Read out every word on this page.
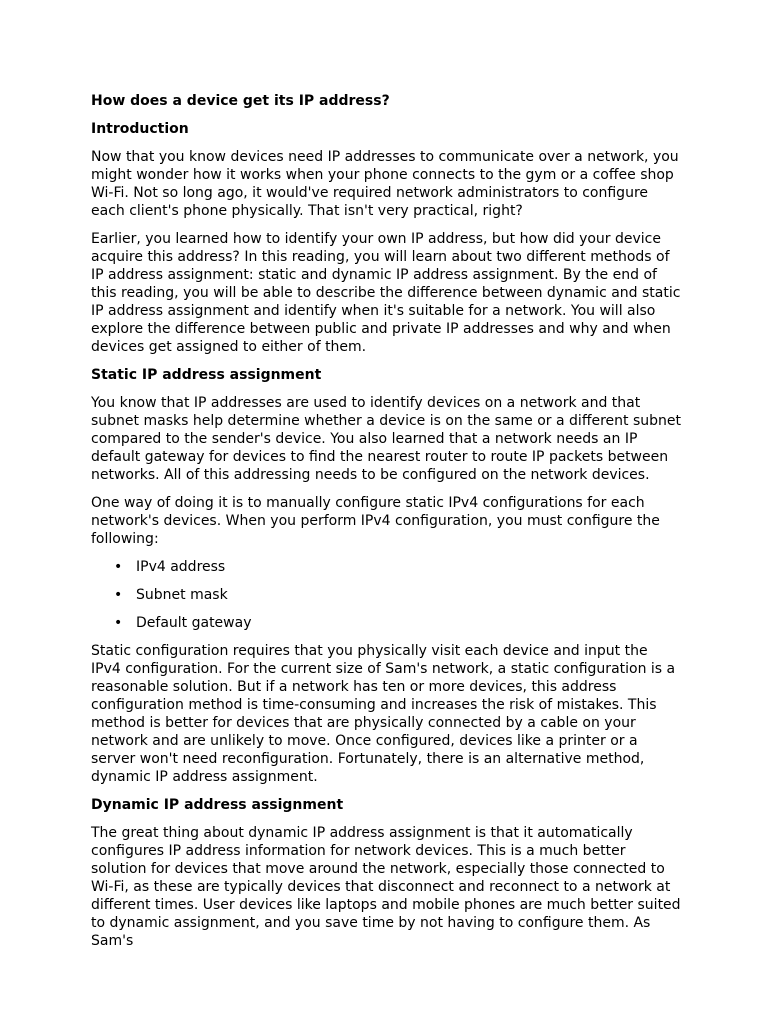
How does a device get its IP address?

Introduction

Now that you know devices need IP addresses to communicate over a network, you might wonder how it works when your phone connects to the gym or a coffee shop Wi-Fi. Not so long ago, it would've required network administrators to configure each client's phone physically. That isn't very practical, right?

Earlier, you learned how to identify your own IP address, but how did your device acquire this address? In this reading, you will learn about two different methods of IP address assignment: static and dynamic IP address assignment. By the end of this reading, you will be able to describe the difference between dynamic and static IP address assignment and identify when it's suitable for a network. You will also explore the difference between public and private IP addresses and why and when devices get assigned to either of them.

Static IP address assignment

You know that IP addresses are used to identify devices on a network and that subnet masks help determine whether a device is on the same or a different subnet compared to the sender's device. You also learned that a network needs an IP default gateway for devices to find the nearest router to route IP packets between networks. All of this addressing needs to be configured on the network devices.

One way of doing it is to manually configure static IPv4 configurations for each network's devices. When you perform IPv4 configuration, you must configure the following:

• IPv4 address
• Subnet mask
• Default gateway

Static configuration requires that you physically visit each device and input the IPv4 configuration. For the current size of Sam's network, a static configuration is a reasonable solution. But if a network has ten or more devices, this address configuration method is time-consuming and increases the risk of mistakes. This method is better for devices that are physically connected by a cable on your network and are unlikely to move. Once configured, devices like a printer or a server won't need reconfiguration. Fortunately, there is an alternative method, dynamic IP address assignment.

Dynamic IP address assignment

The great thing about dynamic IP address assignment is that it automatically configures IP address information for network devices. This is a much better solution for devices that move around the network, especially those connected to Wi-Fi, as these are typically devices that disconnect and reconnect to a network at different times. User devices like laptops and mobile phones are much better suited to dynamic assignment, and you save time by not having to configure them. As Sam's
